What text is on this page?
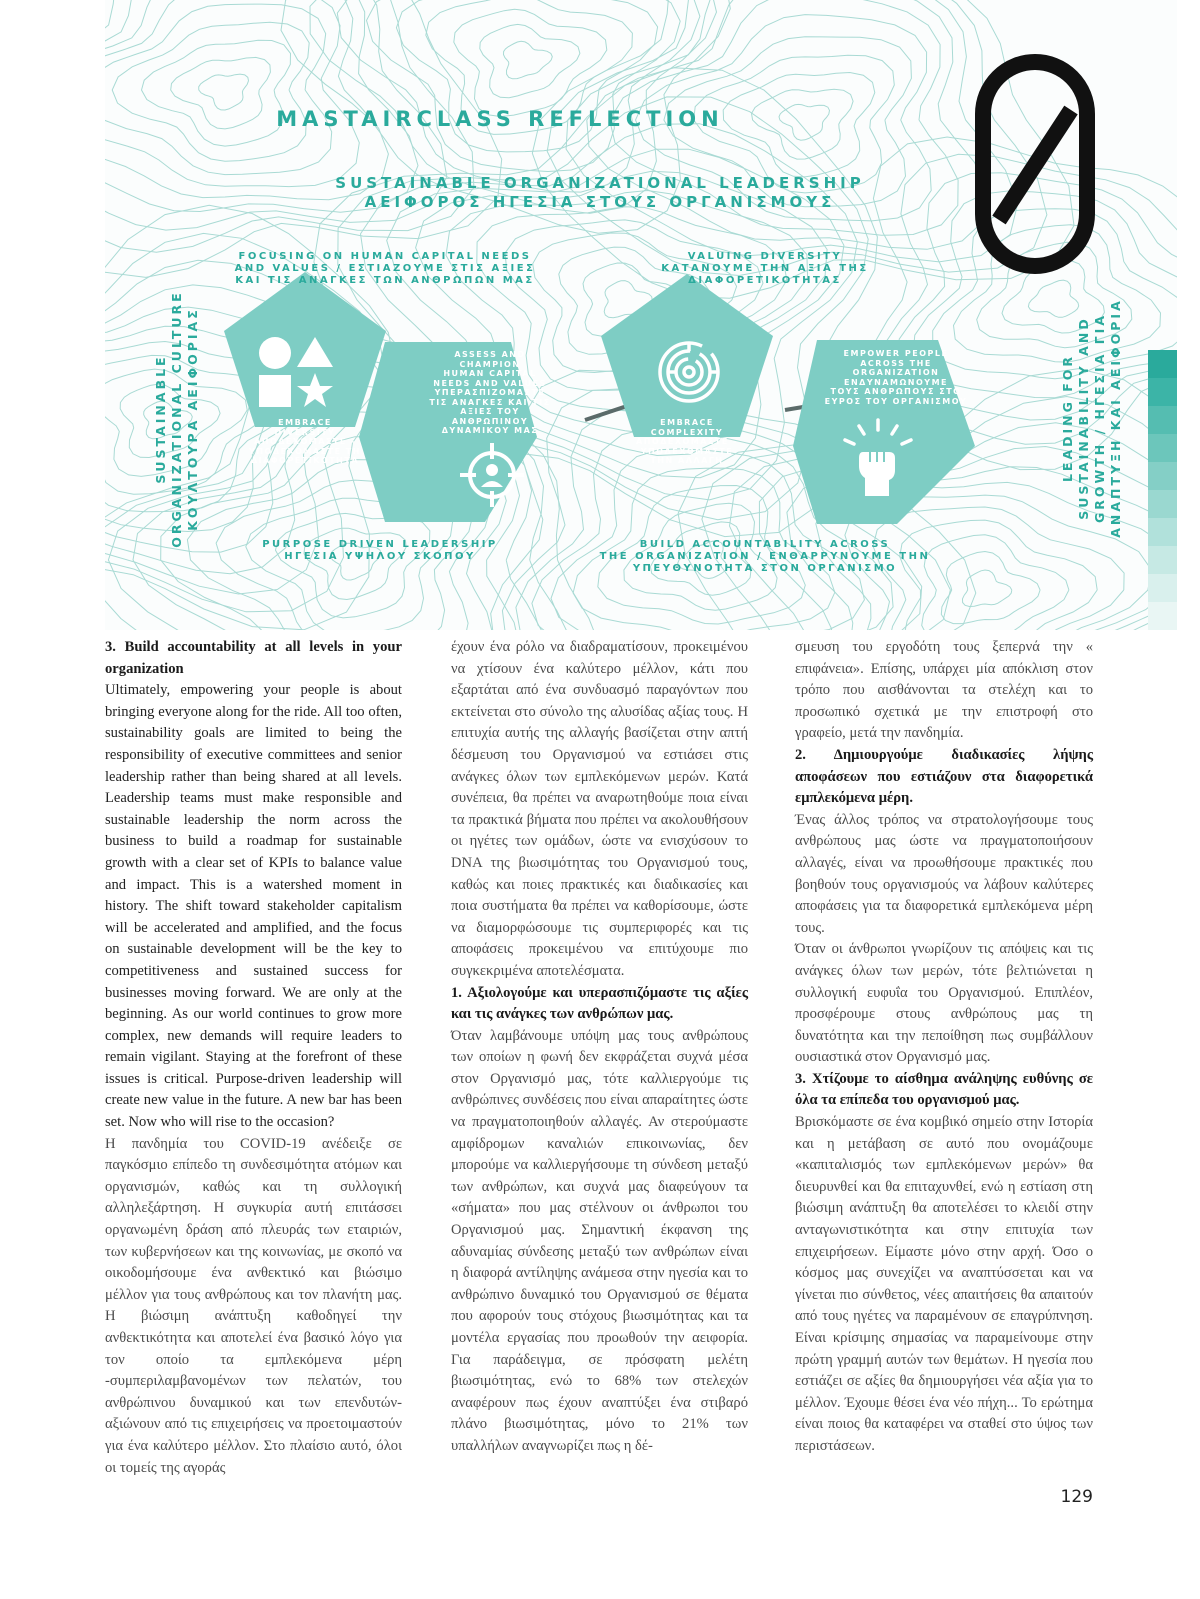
EMBRACE
DIVERSITY
ΑΠΟΔΕΧΟΜΑΣΤΕ -
ΥΠΟΔΕΧΟΜΑΣΤΕ ΤΗ
ΔΙΑΦΟΡΕΤΙΚΟΤΗΤΑ
ASSESS AND
CHAMPION
HUMAN CAPITAL
NEEDS AND VALUES
ΥΠΕΡΑΣΠΙΖΟΜΑΣΤΕ
ΤΙΣ ΑΝΑΓΚΕΣ ΚΑΙ ΤΙΣ
ΑΞΙΕΣ ΤΟΥ ΑΝΘΡΩΠΙΝΟΥ
ΔΥΝΑΜΙΚΟΥ ΜΑΣ
EMBRACE
COMPLEXITY
ΑΠΟΔΕΧΟΜΑΣΤΕ -
ΥΠΟΔΕΧΟΜΑΣΤΕ
ΤΗΝ ΑΛΛΑΓΗ
EMPOWER PEOPLE
ACROSS THE
ORGANIZATION
ΕΝΔΥΝΑΜΩΝΟΥΜΕ
ΤΟΥΣ ΑΝΘΡΩΠΟΥΣ ΣΤΟ
ΕΥΡΟΣ ΤΟΥ ΟΡΓΑΝΙΣΜΟΥ
MASTAIRCLASS REFLECTION
SUSTAINABLE ORGANIZATIONAL LEADERSHIP
ΑΕΙΦΟΡΟΣ ΗΓΕΣΙΑ ΣΤΟΥΣ ΟΡΓΑΝΙΣΜΟΥΣ
FOCUSING ON HUMAN CAPITAL NEEDS
AND VALUES / ΕΣΤΙΑΖΟΥΜΕ ΣΤΙΣ ΑΞΙΕΣ
ΚΑΙ ΤΙΣ ΑΝΑΓΚΕΣ ΤΩΝ ΑΝΘΡΩΠΩΝ ΜΑΣ
VALUING DIVERSITY
ΚΑΤΑΝΟΥΜΕ ΤΗΝ ΑΞΙΑ ΤΗΣ
ΔΙΑΦΟΡΕΤΙΚΟΤΗΤΑΣ
PURPOSE DRIVEN LEADERSHIP
ΗΓΕΣΙΑ ΥΨΗΛΟΥ ΣΚΟΠΟΥ
BUILD ACCOUNTABILITY ACROSS
THE ORGANIZATION / ΕΝΘΑΡΡΥΝΟΥΜΕ ΤΗΝ
ΥΠΕΥΘΥΝΟΤΗΤΑ ΣΤΟΝ ΟΡΓΑΝΙΣΜΟ
SUSTAINABLE ORGANIZATIONAL CULTURE ΚΟΥΛΤΟΥΡΑ ΑΕΙΦΟΡΙΑΣ	LEADING FOR SUSTAINABILITY AND GROWTH / ΗΓΕΣΙΑ ΓΙΑ ΑΝΑΠΤΥΞΗ ΚΑΙ ΑΕΙΦΟΡΙΑ

3. Build accountability at all levels in your organization

Ultimately, empowering your people is about bringing everyone along for the ride. All too often, sustainability goals are limited to being the responsibility of executive committees and senior leadership rather than being shared at all levels. Leadership teams must make responsible and sustainable leadership the norm across the business to build a roadmap for sustainable growth with a clear set of KPIs to balance value and impact. This is a watershed moment in history. The shift toward stakeholder capitalism will be accelerated and amplified, and the focus on sustainable development will be the key to competitiveness and sustained success for businesses moving forward. We are only at the beginning. As our world continues to grow more complex, new demands will require leaders to remain vigilant. Staying at the forefront of these issues is critical. Purpose-driven leadership will create new value in the future. A new bar has been set. Now who will rise to the occasion?

Η πανδημία του COVID-19 ανέδειξε σε παγκόσμιο επίπεδο τη συνδεσιμότητα ατόμων και οργανισμών, καθώς και τη συλλογική αλληλεξάρτηση. Η συγκυρία αυτή επιτάσσει οργανωμένη δράση από πλευράς των εταιριών, των κυβερνήσεων και της κοινωνίας, με σκοπό να οικοδομήσουμε ένα ανθεκτικό και βιώσιμο μέλλον για τους ανθρώπους και τον πλανήτη μας. Η βιώσιμη ανάπτυξη καθοδηγεί την ανθεκτικότητα και αποτελεί ένα βασικό λόγο για τον οποίο τα εμπλεκόμενα μέρη -συμπεριλαμβανομένων των πελατών, του ανθρώπινου δυναμικού και των επενδυτών- αξιώνουν από τις επιχειρήσεις να προετοιμαστούν για ένα καλύτερο μέλλον. Στο πλαίσιο αυτό, όλοι οι τομείς της αγοράς

έχουν ένα ρόλο να διαδραματίσουν, προκειμένου να χτίσουν ένα καλύτερο μέλλον, κάτι που εξαρτάται από ένα συνδυασμό παραγόντων που εκτείνεται στο σύνολο της αλυσίδας αξίας τους. Η επιτυχία αυτής της αλλαγής βασίζεται στην απτή δέσμευση του Οργανισμού να εστιάσει στις ανάγκες όλων των εμπλεκόμενων μερών. Κατά συνέπεια, θα πρέπει να αναρωτηθούμε ποια είναι τα πρακτικά βήματα που πρέπει να ακολουθήσουν οι ηγέτες των ομάδων, ώστε να ενισχύσουν το DNA της βιωσιμότητας του Οργανισμού τους, καθώς και ποιες πρακτικές και διαδικασίες και ποια συστήματα θα πρέπει να καθορίσουμε, ώστε να διαμορφώσουμε τις συμπεριφορές και τις αποφάσεις προκειμένου να επιτύχουμε πιο συγκεκριμένα αποτελέσματα.

1. Αξιολογούμε και υπερασπιζόμαστε τις αξίες και τις ανάγκες των ανθρώπων μας.

Όταν λαμβάνουμε υπόψη μας τους ανθρώπους των οποίων η φωνή δεν εκφράζεται συχνά μέσα στον Οργανισμό μας, τότε καλλιεργούμε τις ανθρώπινες συνδέσεις που είναι απαραίτητες ώστε να πραγματοποιηθούν αλλαγές. Αν στερούμαστε αμφίδρομων καναλιών επικοινωνίας, δεν μπορούμε να καλλιεργήσουμε τη σύνδεση μεταξύ των ανθρώπων, και συχνά μας διαφεύγουν τα «σήματα» που μας στέλνουν οι άνθρωποι του Οργανισμού μας. Σημαντική έκφανση της αδυναμίας σύνδεσης μεταξύ των ανθρώπων είναι η διαφορά αντίληψης ανάμεσα στην ηγεσία και το ανθρώπινο δυναμικό του Οργανισμού σε θέματα που αφορούν τους στόχους βιωσιμότητας και τα μοντέλα εργασίας που προωθούν την αειφορία. Για παράδειγμα, σε πρόσφατη μελέτη βιωσιμότητας, ενώ το 68% των στελεχών αναφέρουν πως έχουν αναπτύξει ένα στιβαρό πλάνο βιωσιμότητας, μόνο το 21% των υπαλλήλων αναγνωρίζει πως η δέ-

σμευση του εργοδότη τους ξεπερνά την « επιφάνεια». Επίσης, υπάρχει μία απόκλιση στον τρόπο που αισθάνονται τα στελέχη και το προσωπικό σχετικά με την επιστροφή στο γραφείο, μετά την πανδημία.

2. Δημιουργούμε διαδικασίες λήψης αποφάσεων που εστιάζουν στα διαφορετικά εμπλεκόμενα μέρη.

Ένας άλλος τρόπος να στρατολογήσουμε τους ανθρώπους μας ώστε να πραγματοποιήσουν αλλαγές, είναι να προωθήσουμε πρακτικές που βοηθούν τους οργανισμούς να λάβουν καλύτερες αποφάσεις για τα διαφορετικά εμπλεκόμενα μέρη τους.

Όταν οι άνθρωποι γνωρίζουν τις απόψεις και τις ανάγκες όλων των μερών, τότε βελτιώνεται η συλλογική ευφυΐα του Οργανισμού. Επιπλέον, προσφέρουμε στους ανθρώπους μας τη δυνατότητα και την πεποίθηση πως συμβάλλουν ουσιαστικά στον Οργανισμό μας.

3. Χτίζουμε το αίσθημα ανάληψης ευθύνης σε όλα τα επίπεδα του οργανισμού μας.

Βρισκόμαστε σε ένα κομβικό σημείο στην Ιστορία και η μετάβαση σε αυτό που ονομάζουμε «καπιταλισμός των εμπλεκόμενων μερών» θα διευρυνθεί και θα επιταχυνθεί, ενώ η εστίαση στη βιώσιμη ανάπτυξη θα αποτελέσει το κλειδί στην ανταγωνιστικότητα και στην επιτυχία των επιχειρήσεων. Είμαστε μόνο στην αρχή. Όσο ο κόσμος μας συνεχίζει να αναπτύσσεται και να γίνεται πιο σύνθετος, νέες απαιτήσεις θα απαιτούν από τους ηγέτες να παραμένουν σε επαγρύπνηση. Είναι κρίσιμης σημασίας να παραμείνουμε στην πρώτη γραμμή αυτών των θεμάτων. Η ηγεσία που εστιάζει σε αξίες θα δημιουργήσει νέα αξία για το μέλλον. Έχουμε θέσει ένα νέο πήχη... Το ερώτημα είναι ποιος θα καταφέρει να σταθεί στο ύψος των περιστάσεων.

129
